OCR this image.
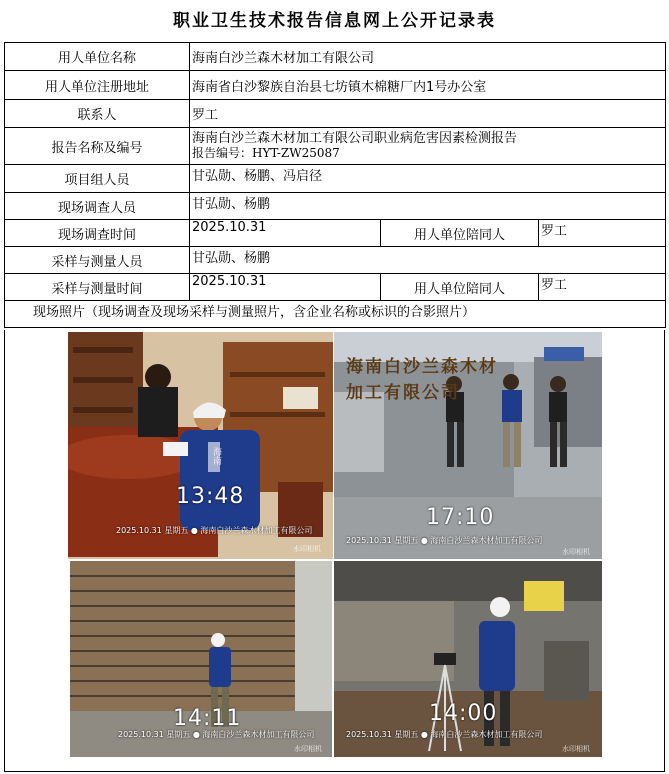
职业卫生技术报告信息网上公开记录表
用人单位名称	海南白沙兰森木材加工有限公司		
用人单位注册地址	海南省白沙黎族自治县七坊镇木棉糖厂内1号办公室		
联系人	罗工		
报告名称及编号	海南白沙兰森木材加工有限公司职业病危害因素检测报告
报告编号：HYT-ZW25087		

项目组人员	甘弘勋、杨鹏、冯启径		
现场调查人员	甘弘勋、杨鹏		
现场调查时间	2025.10.31	用人单位陪同人	罗工
采样与测量人员	甘弘勋、杨鹏		
采样与测量时间	2025.10.31	用人单位陪同人	罗工
现场照片（现场调查及现场采样与测量照片，含企业名称或标识的合影照片）			
13:48
2025.10.31 星期五 ● 海南白沙兰森木材加工有限公司
水印相机
海南白沙兰森木材加工有限公司
17:10
2025.10.31 星期五 ● 海南白沙兰森木材加工有限公司
水印相机
14:11
2025.10.31 星期五 ● 海南白沙兰森木材加工有限公司
水印相机
14:00
2025.10.31 星期五 ● 海南白沙兰森木材加工有限公司
水印相机
海南
